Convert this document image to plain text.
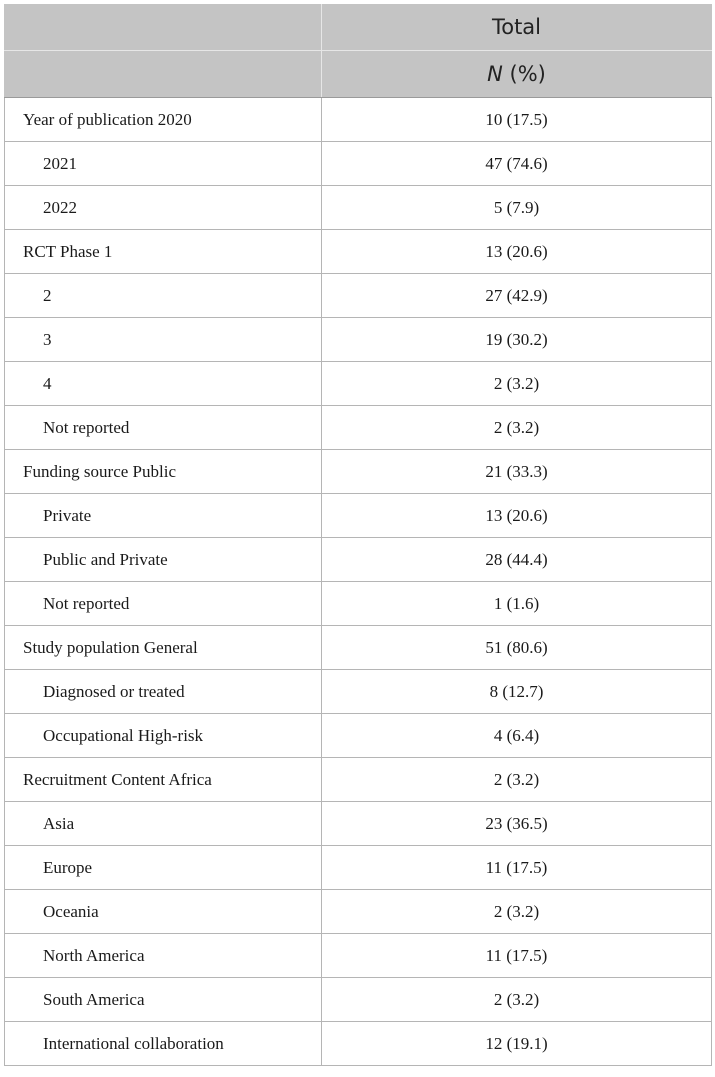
	Total
	N (%)
Year of publication 2020	10 (17.5)
2021	47 (74.6)
2022	5 (7.9)
RCT Phase 1	13 (20.6)
2	27 (42.9)
3	19 (30.2)
4	2 (3.2)
Not reported	2 (3.2)
Funding source Public	21 (33.3)
Private	13 (20.6)
Public and Private	28 (44.4)
Not reported	1 (1.6)
Study population General	51 (80.6)
Diagnosed or treated	8 (12.7)
Occupational High-risk	4 (6.4)
Recruitment Content Africa	2 (3.2)
Asia	23 (36.5)
Europe	11 (17.5)
Oceania	2 (3.2)
North America	11 (17.5)
South America	2 (3.2)
International collaboration	12 (19.1)
